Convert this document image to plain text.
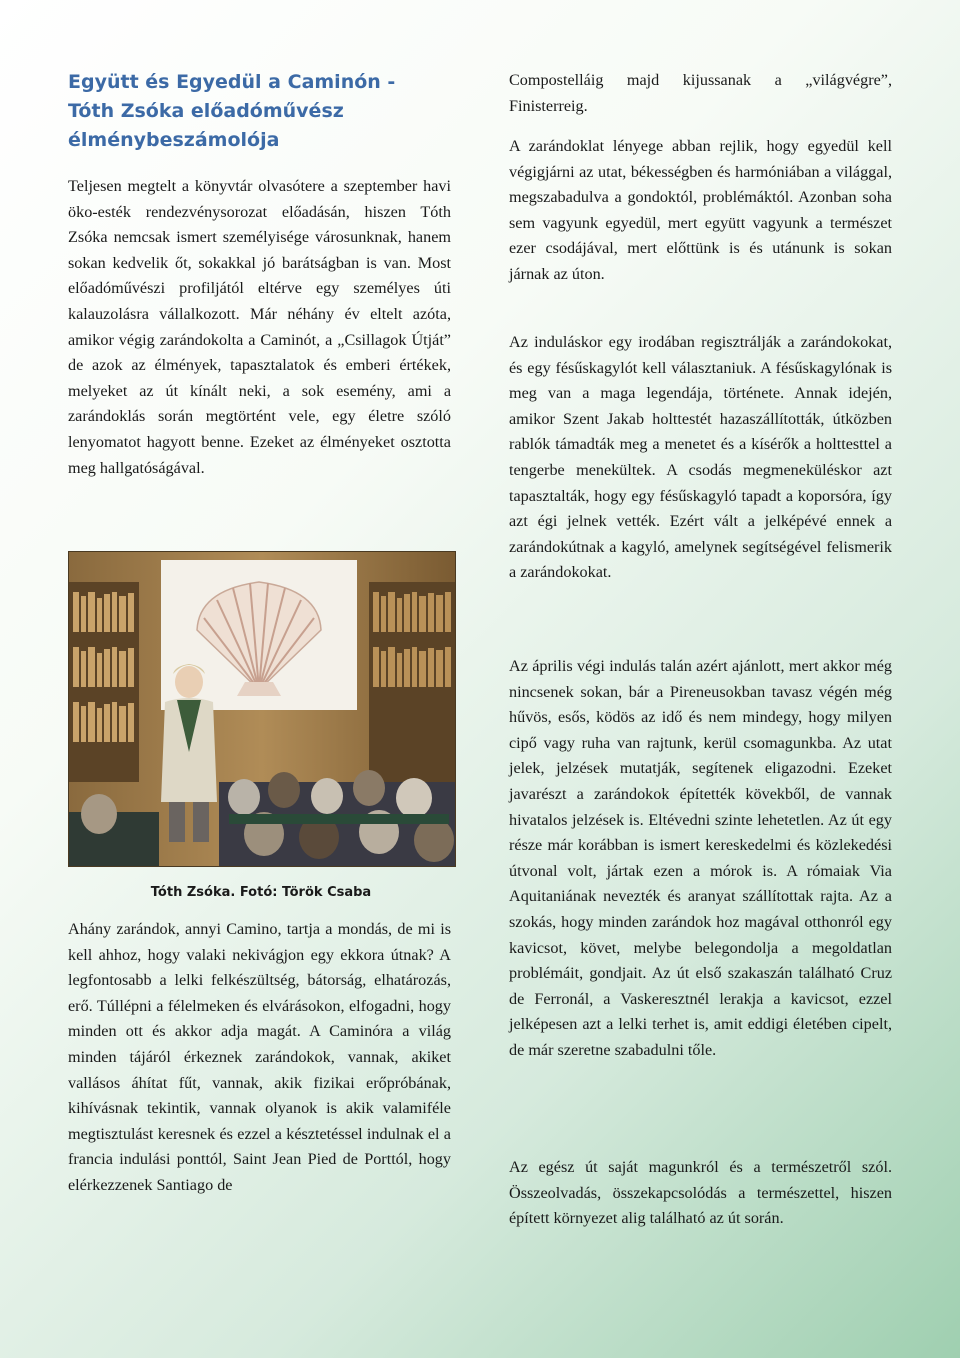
Együtt és Egyedül a Caminón -
Tóth Zsóka előadóművész
élménybeszámolója

Teljesen megtelt a könyvtár olvasótere a szeptember havi öko-esték rendezvénysorozat előadásán, hiszen Tóth Zsóka nemcsak ismert személyisége városunknak, hanem sokan kedvelik őt, sokakkal jó barátságban is van. Most előadóművészi profiljától eltérve egy személyes úti kalauzolásra vállalkozott. Már néhány év eltelt azóta, amikor végig zarándokolta a Caminót, a „Csillagok Útját” de azok az élmények, tapasztalatok és emberi értékek, melyeket az út kínált neki, a sok esemény, ami a zarándoklás során megtörtént vele, egy életre szóló lenyomatot hagyott benne. Ezeket az élményeket osztotta meg hallgatóságával.

Tóth Zsóka. Fotó: Török Csaba

Ahány zarándok, annyi Camino, tartja a mondás, de mi is kell ahhoz, hogy valaki nekivágjon egy ekkora útnak? A legfontosabb a lelki felkészültség, bátorság, elhatározás, erő. Túllépni a félelmeken és elvárásokon, elfogadni, hogy minden ott és akkor adja magát. A Caminóra a világ minden tájáról érkeznek zarándokok, vannak, akiket vallásos áhítat fűt, vannak, akik fizikai erőpróbának, kihívásnak tekintik, vannak olyanok is akik valamiféle megtisztulást keresnek és ezzel a késztetéssel indulnak el a francia indulási ponttól, Saint Jean Pied de Porttól, hogy elérkezzenek Santiago de

Compostelláig majd kijussanak a „világvégre”, Finisterreig.

A zarándoklat lényege abban rejlik, hogy egyedül kell végigjárni az utat, békességben és harmóniában a világgal, megszabadulva a gondoktól, problémáktól. Azonban soha sem vagyunk egyedül, mert együtt vagyunk a természet ezer csodájával, mert előttünk is és utánunk is sokan járnak az úton.

Az induláskor egy irodában regisztrálják a zarándokokat, és egy fésűskagylót kell választaniuk. A fésűskagylónak is meg van a maga legendája, története. Annak idején, amikor Szent Jakab holttestét hazaszállították, útközben rablók támadták meg a menetet és a kísérők a holttesttel a tengerbe menekültek. A csodás megmeneküléskor azt tapasztalták, hogy egy fésűskagyló tapadt a koporsóra, így azt égi jelnek vették. Ezért vált a jelképévé ennek a zarándokútnak a kagyló, amelynek segítségével felismerik a zarándokokat.

Az április végi indulás talán azért ajánlott, mert akkor még nincsenek sokan, bár a Pireneusokban tavasz végén még hűvös, esős, ködös az idő és nem mindegy, hogy milyen cipő vagy ruha van rajtunk, kerül csomagunkba. Az utat jelek, jelzések mutatják, segítenek eligazodni. Ezeket javarészt a zarándokok építették kövekből, de vannak hivatalos jelzések is. Eltévedni szinte lehetetlen. Az út egy része már korábban is ismert kereskedelmi és közlekedési útvonal volt, jártak ezen a mórok is. A rómaiak Via Aquitaniának nevezték és aranyat szállítottak rajta. Az a szokás, hogy minden zarándok hoz magával otthonról egy kavicsot, követ, melybe belegondolja a megoldatlan problémáit, gondjait. Az út első szakaszán található Cruz de Ferronál, a Vaskeresztnél lerakja a kavicsot, ezzel jelképesen azt a lelki terhet is, amit eddigi életében cipelt, de már szeretne szabadulni tőle.

Az egész út saját magunkról és a természetről szól. Összeolvadás, összekapcsolódás a természettel, hiszen épített környezet alig található az út során.
